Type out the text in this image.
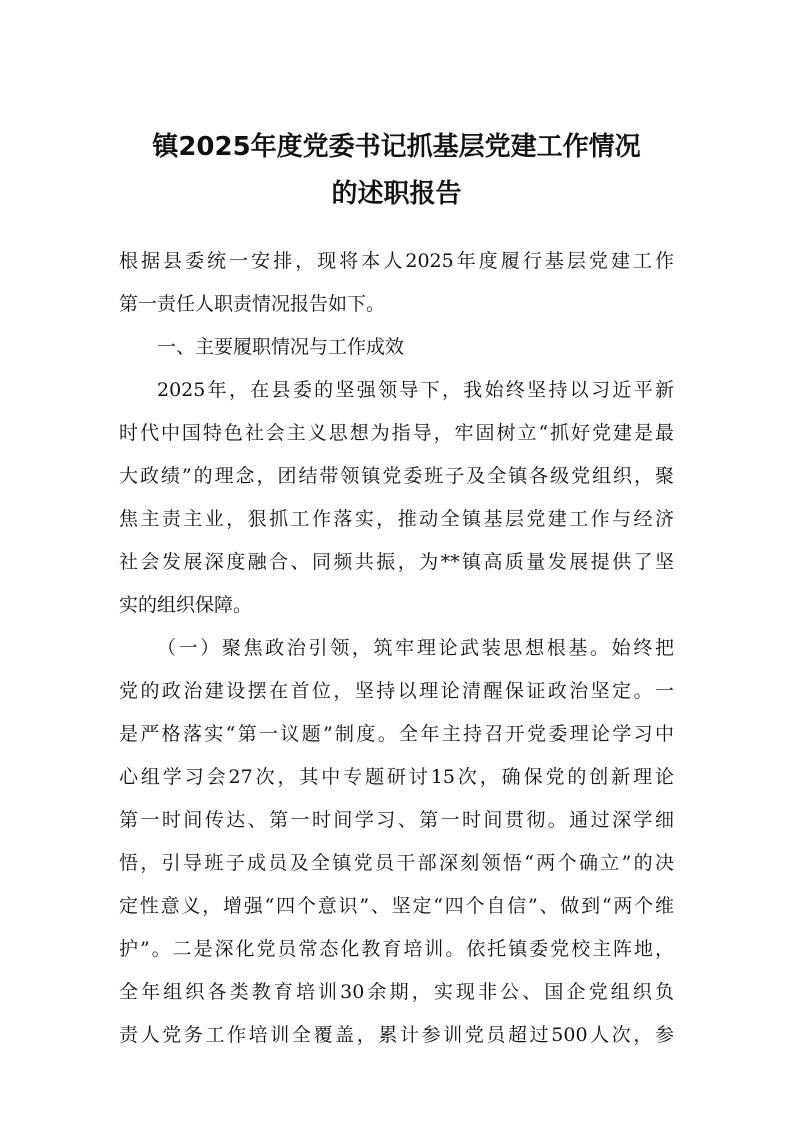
镇2025年度党委书记抓基层党建工作情况
的述职报告
根据县委统一安排，现将本人2025年度履行基层党建工作
第一责任人职责情况报告如下。
一、主要履职情况与工作成效
2025年，在县委的坚强领导下，我始终坚持以习近平新
时代中国特色社会主义思想为指导，牢固树立“抓好党建是最
大政绩”的理念，团结带领镇党委班子及全镇各级党组织，聚
焦主责主业，狠抓工作落实，推动全镇基层党建工作与经济
社会发展深度融合、同频共振，为**镇高质量发展提供了坚
实的组织保障。
（一）聚焦政治引领，筑牢理论武装思想根基。始终把
党的政治建设摆在首位，坚持以理论清醒保证政治坚定。一
是严格落实“第一议题”制度。全年主持召开党委理论学习中
心组学习会27次，其中专题研讨15次，确保党的创新理论
第一时间传达、第一时间学习、第一时间贯彻。通过深学细
悟，引导班子成员及全镇党员干部深刻领悟“两个确立”的决
定性意义，增强“四个意识”、坚定“四个自信”、做到“两个维
护”。二是深化党员常态化教育培训。依托镇委党校主阵地，
全年组织各类教育培训30余期，实现非公、国企党组织负
责人党务工作培训全覆盖，累计参训党员超过500人次，参
